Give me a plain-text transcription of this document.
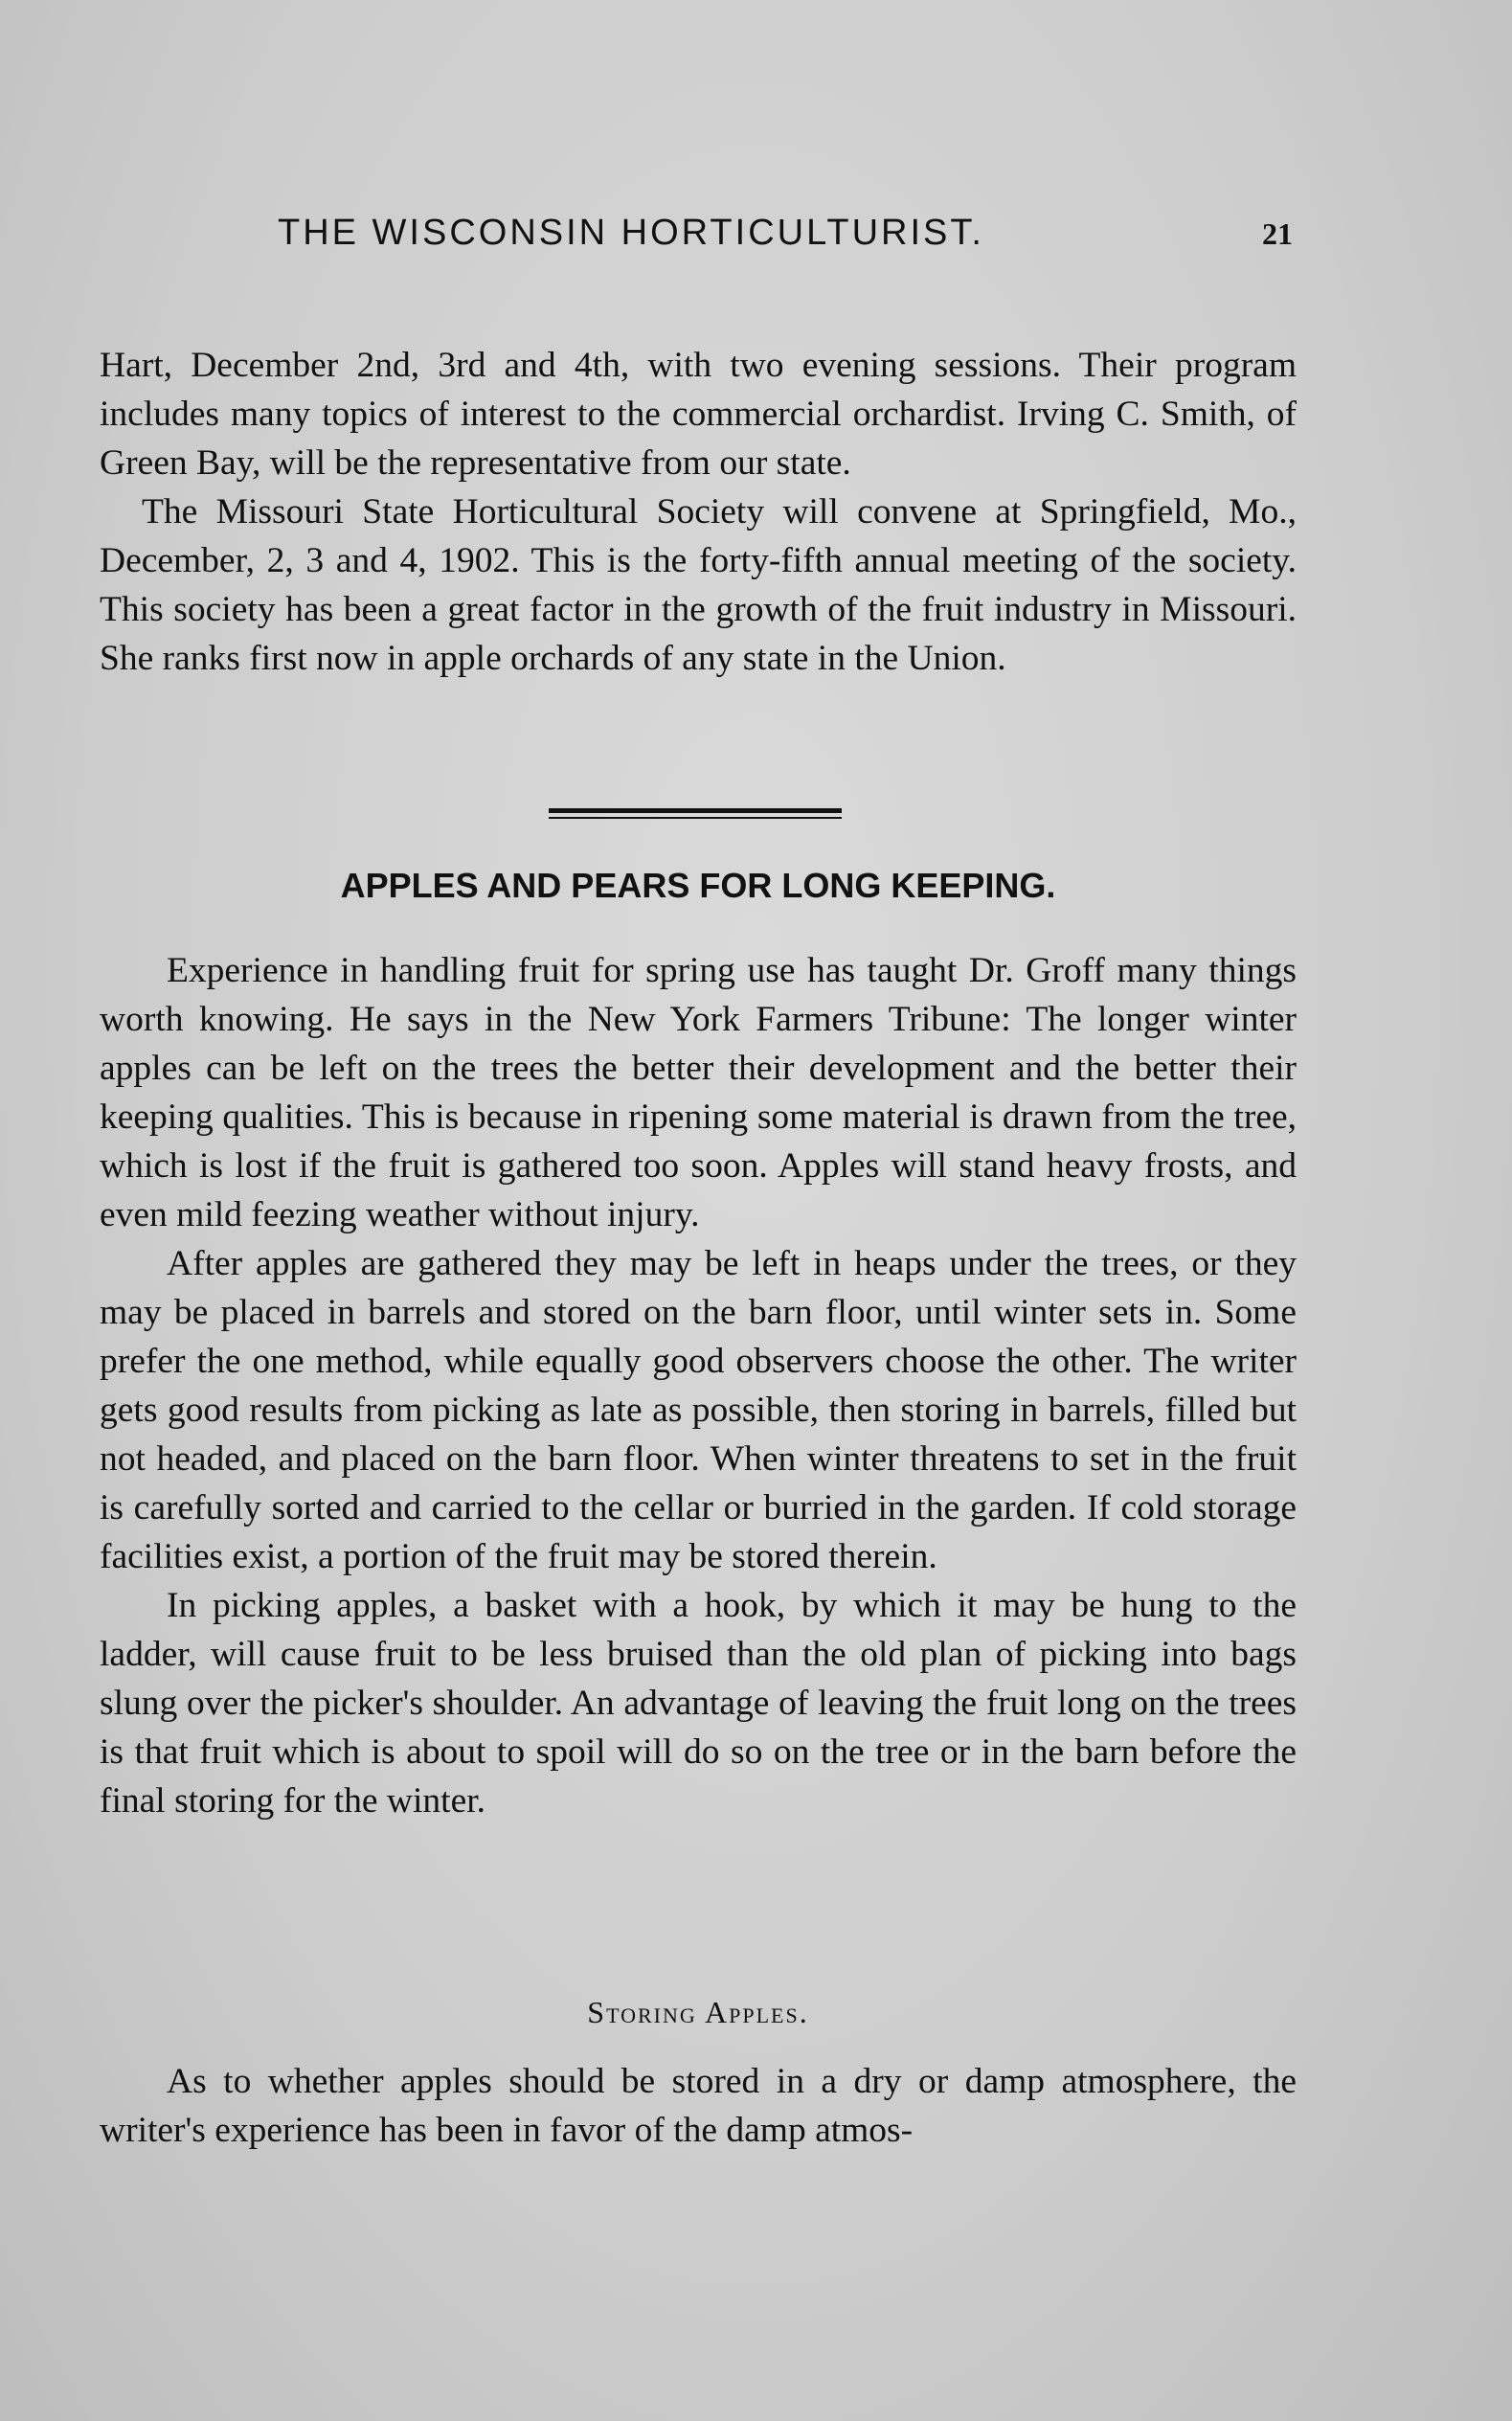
THE WISCONSIN HORTICULTURIST.	21

Hart, December 2nd, 3rd and 4th, with two evening sessions. Their program includes many topics of interest to the commercial orchardist. Irving C. Smith, of Green Bay, will be the representative from our state.

The Missouri State Horticultural Society will convene at Springfield, Mo., December, 2, 3 and 4, 1902. This is the forty-fifth annual meeting of the society. This society has been a great factor in the growth of the fruit industry in Missouri. She ranks first now in apple orchards of any state in the Union.

APPLES AND PEARS FOR LONG KEEPING.

Experience in handling fruit for spring use has taught Dr. Groff many things worth knowing. He says in the New York Farmers Tribune: The longer winter apples can be left on the trees the better their development and the better their keeping qualities. This is because in ripening some material is drawn from the tree, which is lost if the fruit is gathered too soon. Apples will stand heavy frosts, and even mild feezing weather without injury.

After apples are gathered they may be left in heaps under the trees, or they may be placed in barrels and stored on the barn floor, until winter sets in. Some prefer the one method, while equally good observers choose the other. The writer gets good results from picking as late as possible, then storing in barrels, filled but not headed, and placed on the barn floor. When winter threatens to set in the fruit is carefully sorted and carried to the cellar or burried in the garden. If cold storage facilities exist, a portion of the fruit may be stored therein.

In picking apples, a basket with a hook, by which it may be hung to the ladder, will cause fruit to be less bruised than the old plan of picking into bags slung over the picker's shoulder. An advantage of leaving the fruit long on the trees is that fruit which is about to spoil will do so on the tree or in the barn before the final storing for the winter.

Storing Apples.

As to whether apples should be stored in a dry or damp atmosphere, the writer's experience has been in favor of the damp atmos-
